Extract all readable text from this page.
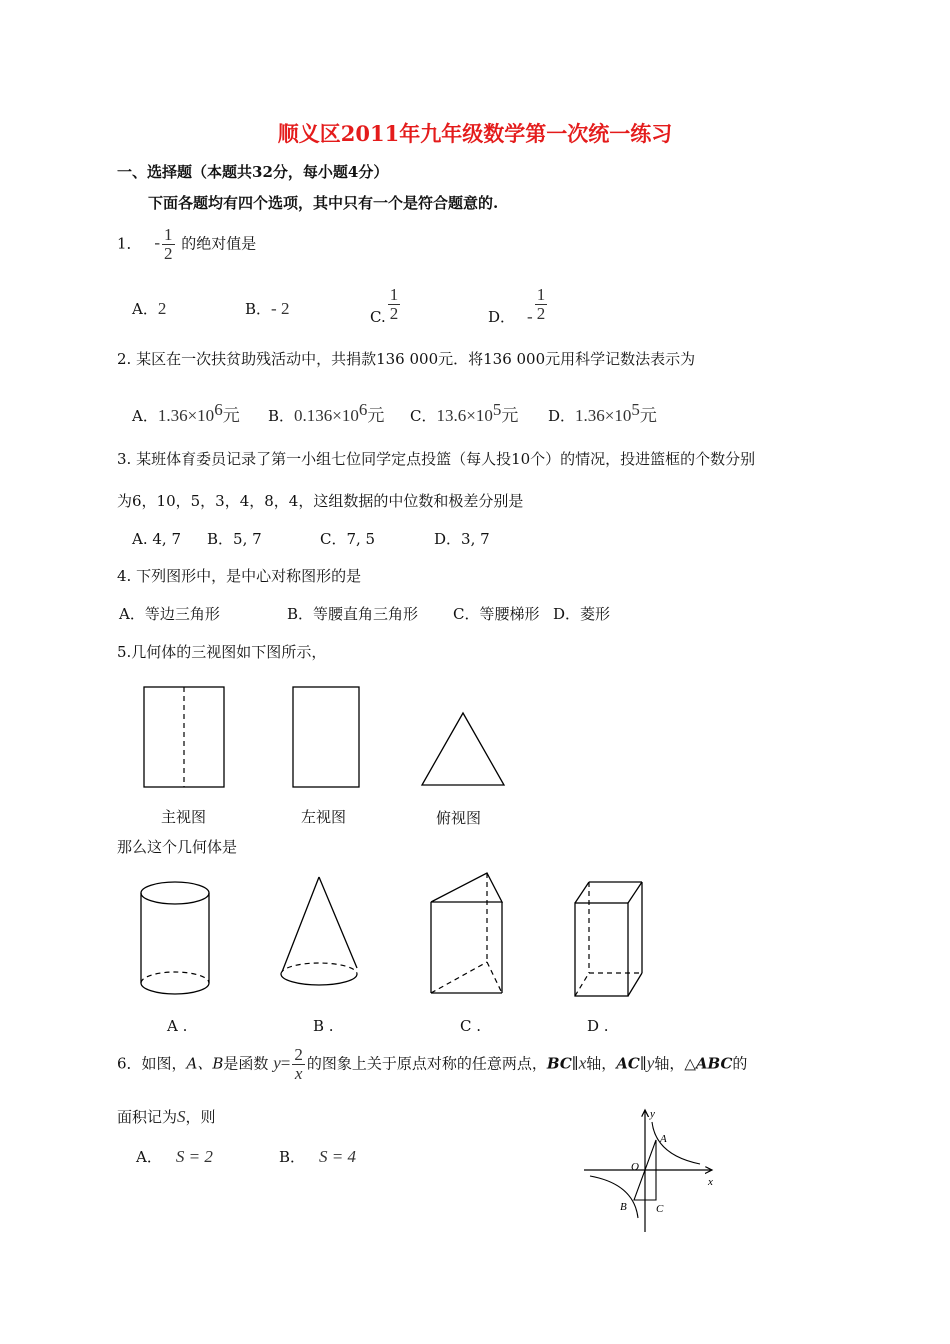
顺义区2011年九年级数学第一次统一练习
一、选择题（本题共32分，每小题4分）
下面各题均有四个选项，其中只有一个是符合题意的.
1． - $\frac{1}{2}$ 的绝对值是
A．2	B．- 2	C. $\frac{1}{2}$	D． - $\frac{1}{2}$
2. 某区在一次扶贫助残活动中，共捐款136 000元．将136 000元用科学记数法表示为
A．$1.36\times 10^6$元 B．$0.136\times 10^6$元 C．$13.6\times 10^5$元 D．$1.36\times 10^5$元
3. 某班体育委员记录了第一小组七位同学定点投篮（每人投10个）的情况，投进篮框的个数分别
为6，10，5，3，4，8，4，这组数据的中位数和极差分别是
A. 4, 7 B．5, 7	C．7, 5	D．3, 7
4. 下列图形中，是中心对称图形的是
A．等边三角形	B．等腰直角三角形 C．等腰梯形 D．菱形
5.几何体的三视图如下图所示，
主视图	左视图	俯视图
那么这个几何体是
A .	B .	C .	D .
6．如图，A、B是函数 $y= \frac{2}{x}$ 的图象上关于原点对称的任意两点，BC∥x轴，AC∥y轴，△ABC的
面积记为S，则
A． S = 2	B． S = 4
y
x
O
A
B	C
